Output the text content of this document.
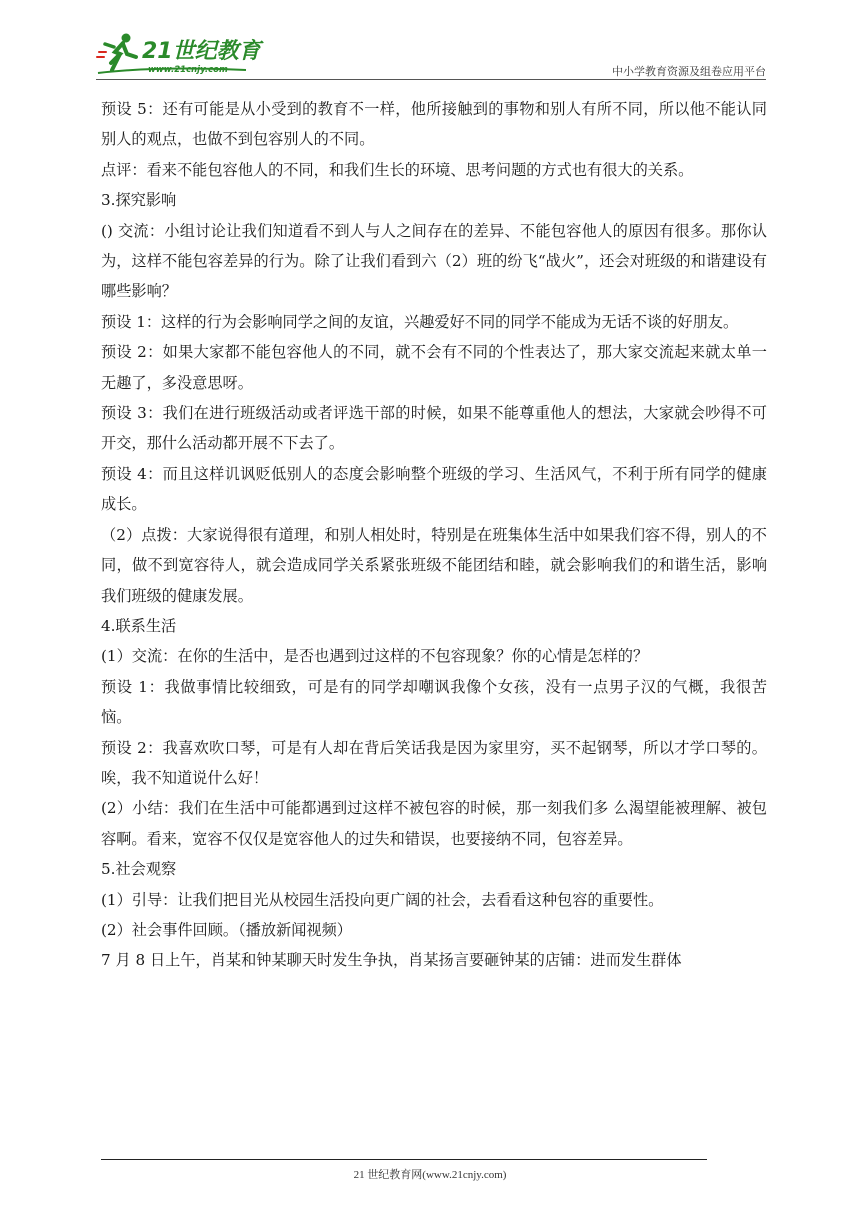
21世纪教育
www.21cnjy.com	中小学教育资源及组卷应用平台

预设 5：还有可能是从小受到的教育不一样，他所接触到的事物和别人有所不同，所以他不能认同别人的观点，也做不到包容别人的不同。

点评：看来不能包容他人的不同，和我们生长的环境、思考问题的方式也有很大的关系。

3.探究影响

() 交流：小组讨论让我们知道看不到人与人之间存在的差异、不能包容他人的原因有很多。那你认为，这样不能包容差异的行为。除了让我们看到六（2）班的纷飞“战火”，还会对班级的和谐建设有哪些影响？

预设 1：这样的行为会影响同学之间的友谊，兴趣爱好不同的同学不能成为无话不谈的好朋友。

预设 2：如果大家都不能包容他人的不同，就不会有不同的个性表达了，那大家交流起来就太单一无趣了，多没意思呀。

预设 3：我们在进行班级活动或者评选干部的时候，如果不能尊重他人的想法，大家就会吵得不可开交，那什么活动都开展不下去了。

预设 4：而且这样讥讽贬低别人的态度会影响整个班级的学习、生活风气，不利于所有同学的健康成长。

（2）点拨：大家说得很有道理，和别人相处时，特别是在班集体生活中如果我们容不得，别人的不同，做不到宽容待人，就会造成同学关系紧张班级不能团结和睦，就会影响我们的和谐生活，影响我们班级的健康发展。

4.联系生活

(1）交流：在你的生活中，是否也遇到过这样的不包容现象？你的心情是怎样的？

预设 1：我做事情比较细致，可是有的同学却嘲讽我像个女孩，没有一点男子汉的气概，我很苦恼。

预设 2：我喜欢吹口琴，可是有人却在背后笑话我是因为家里穷，买不起钢琴，所以才学口琴的。唉，我不知道说什么好！

(2）小结：我们在生活中可能都遇到过这样不被包容的时候，那一刻我们多 么渴望能被理解、被包容啊。看来，宽容不仅仅是宽容他人的过失和错误，也要接纳不同，包容差异。

5.社会观察

(1）引导：让我们把目光从校园生活投向更广阔的社会，去看看这种包容的重要性。

(2）社会事件回顾。（播放新闻视频）

7 月 8 日上午，肖某和钟某聊天时发生争执，肖某扬言要砸钟某的店铺：进而发生群体

21 世纪教育网(www.21cnjy.com)
